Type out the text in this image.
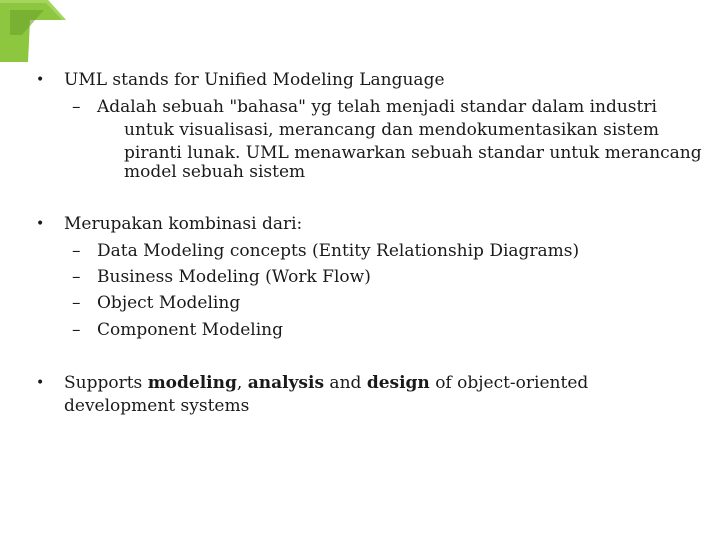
• UML stands for Unified Modeling Language
– Adalah sebuah "bahasa" yg telah menjadi standar dalam industri
untuk visualisasi, merancang dan mendokumentasikan sistem
piranti lunak. UML menawarkan sebuah standar untuk merancang
model sebuah sistem
• Merupakan kombinasi dari:
– Data Modeling concepts (Entity Relationship Diagrams)
– Business Modeling (Work Flow)
– Object Modeling
– Component Modeling
• Supports modeling, analysis and design of object-oriented
development systems
